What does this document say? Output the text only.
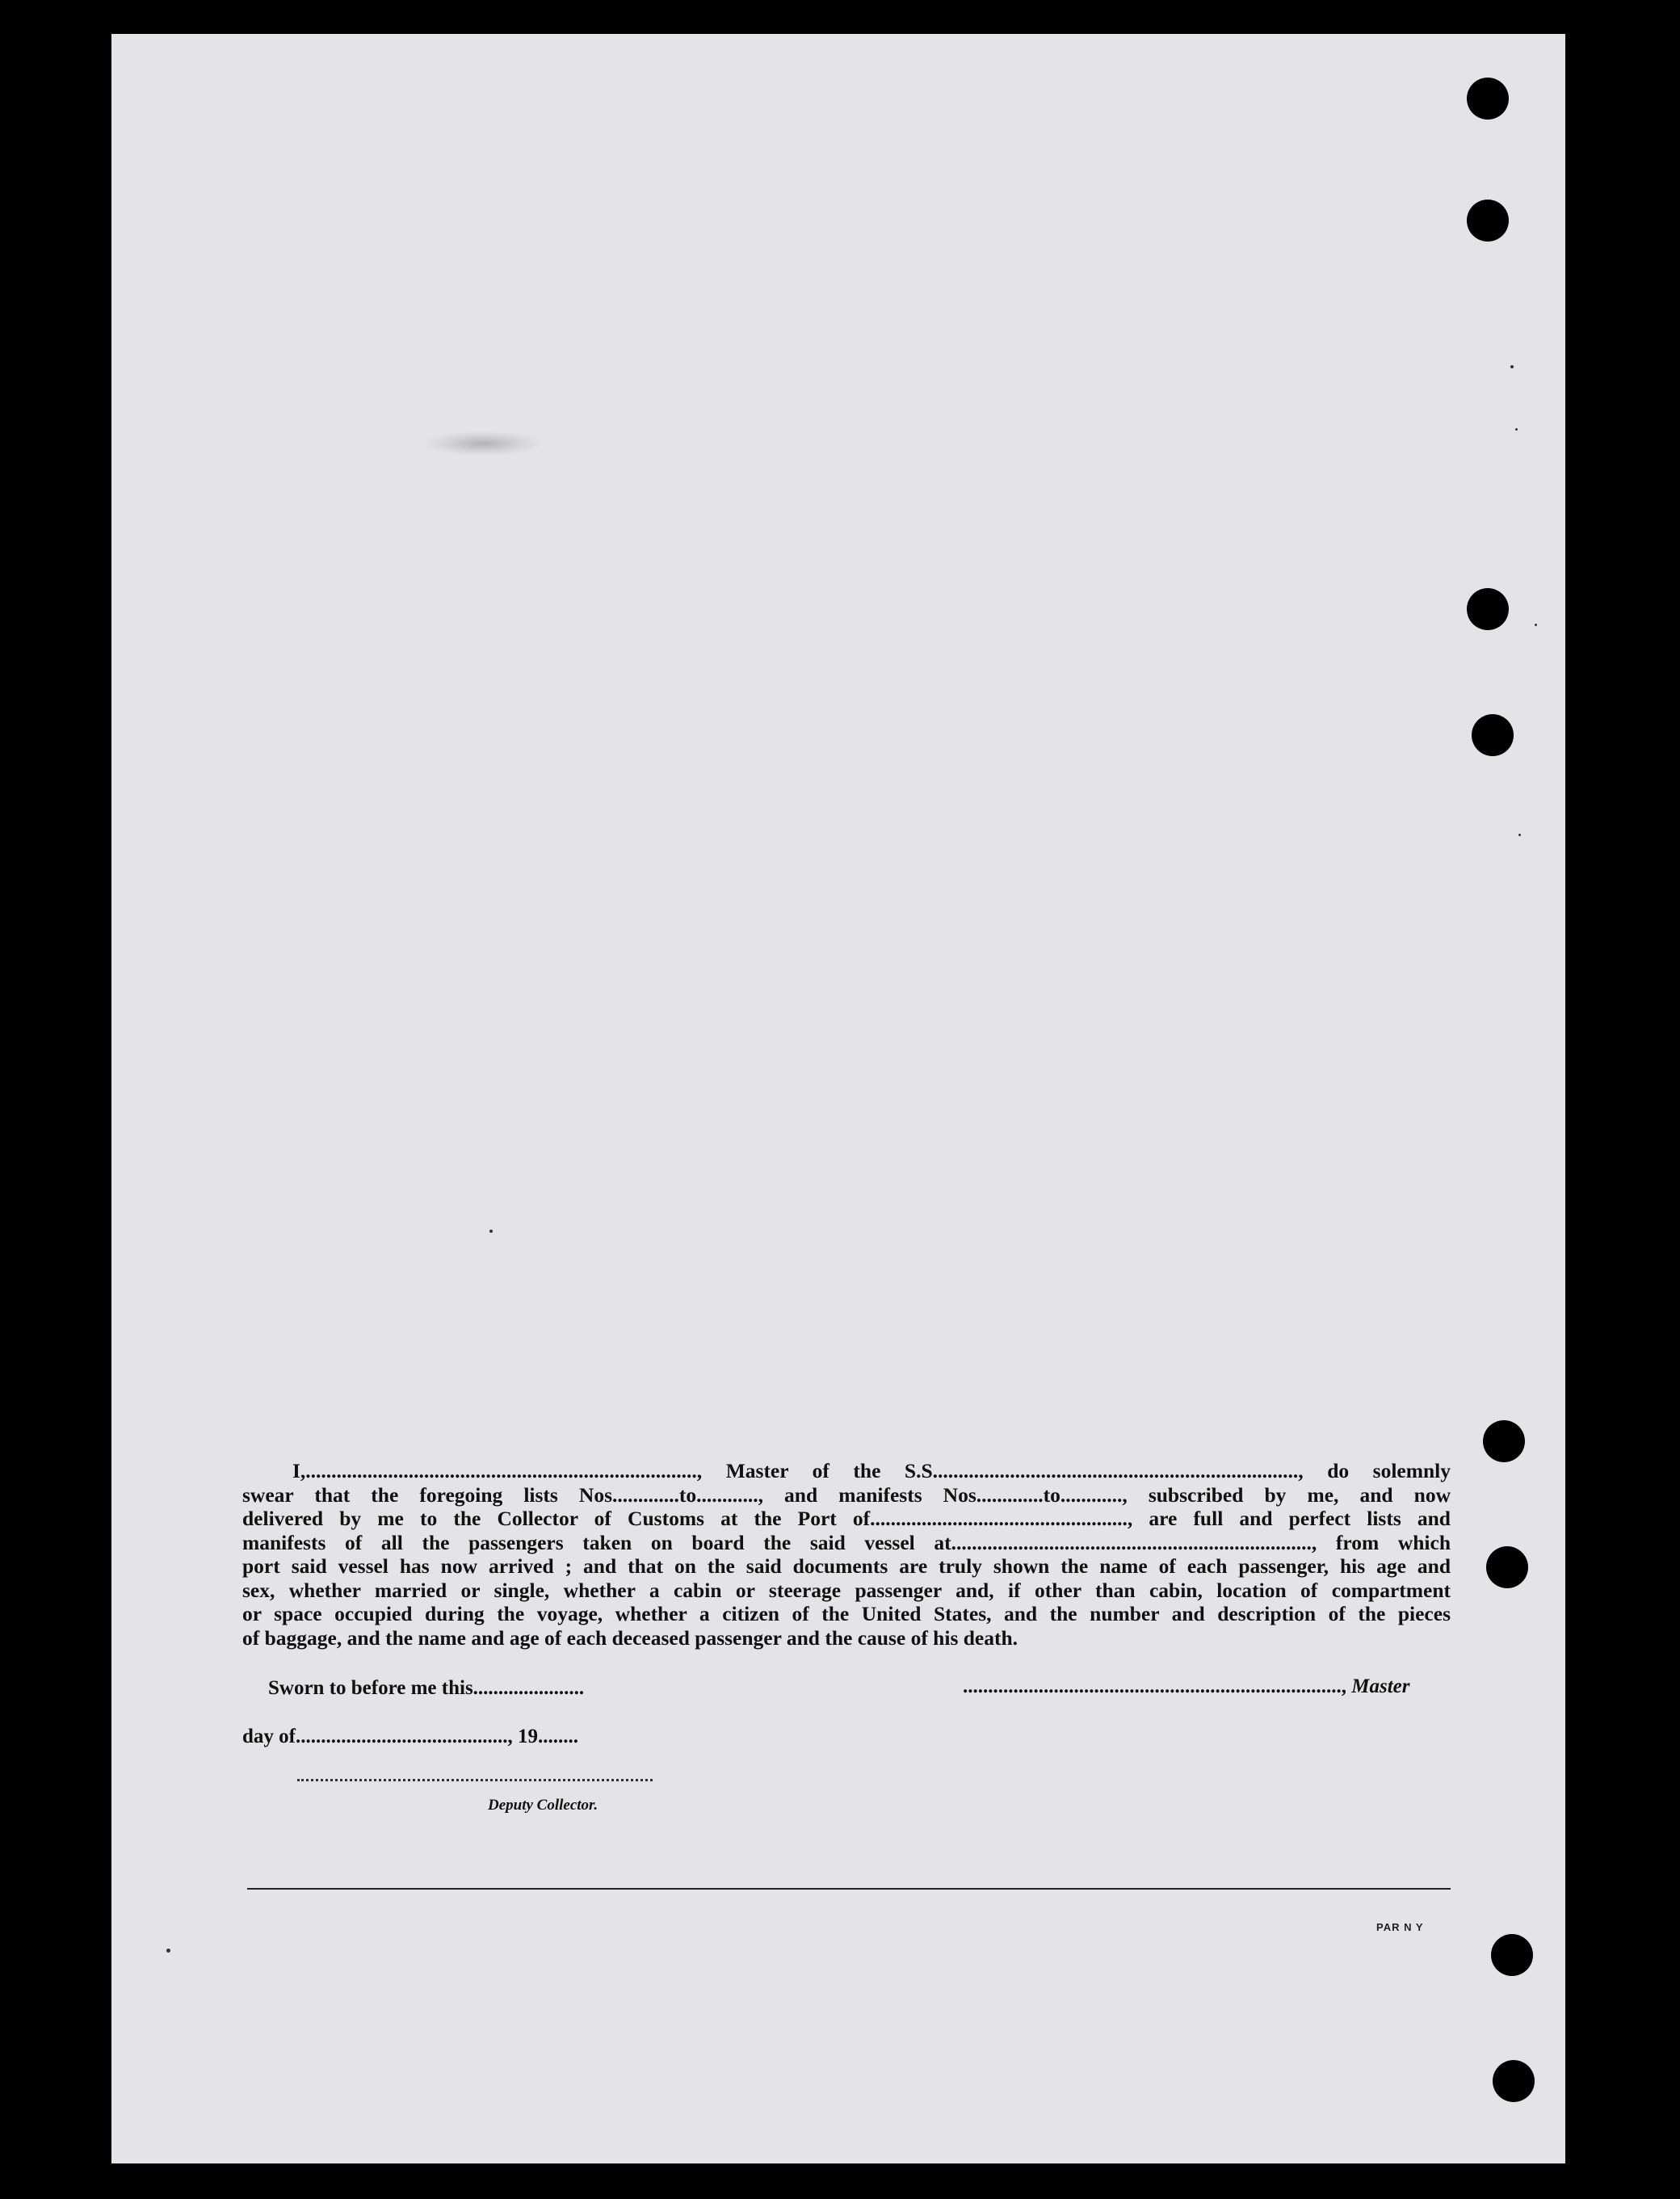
I,............................................................................, Master of the S.S......................................................................., do solemnly
swear that the foregoing lists Nos.............to............, and manifests Nos.............to............, subscribed by me, and now
delivered by me to the Collector of Customs at the Port of.................................................., are full and perfect lists and
manifests of all the passengers taken on board the said vessel at......................................................................, from which
port said vessel has now arrived ; and that on the said documents are truly shown the name of each passenger, his age and
sex, whether married or single, whether a cabin or steerage passenger and, if other than cabin, location of compartment
or space occupied during the voyage, whether a citizen of the United States, and the number and description of the pieces
of baggage, and the name and age of each deceased passenger and the cause of his death.
Sworn to before me this......................	..........................................................................., Master
day of.........................................., 19........
Deputy Collector.
PAR N Y
